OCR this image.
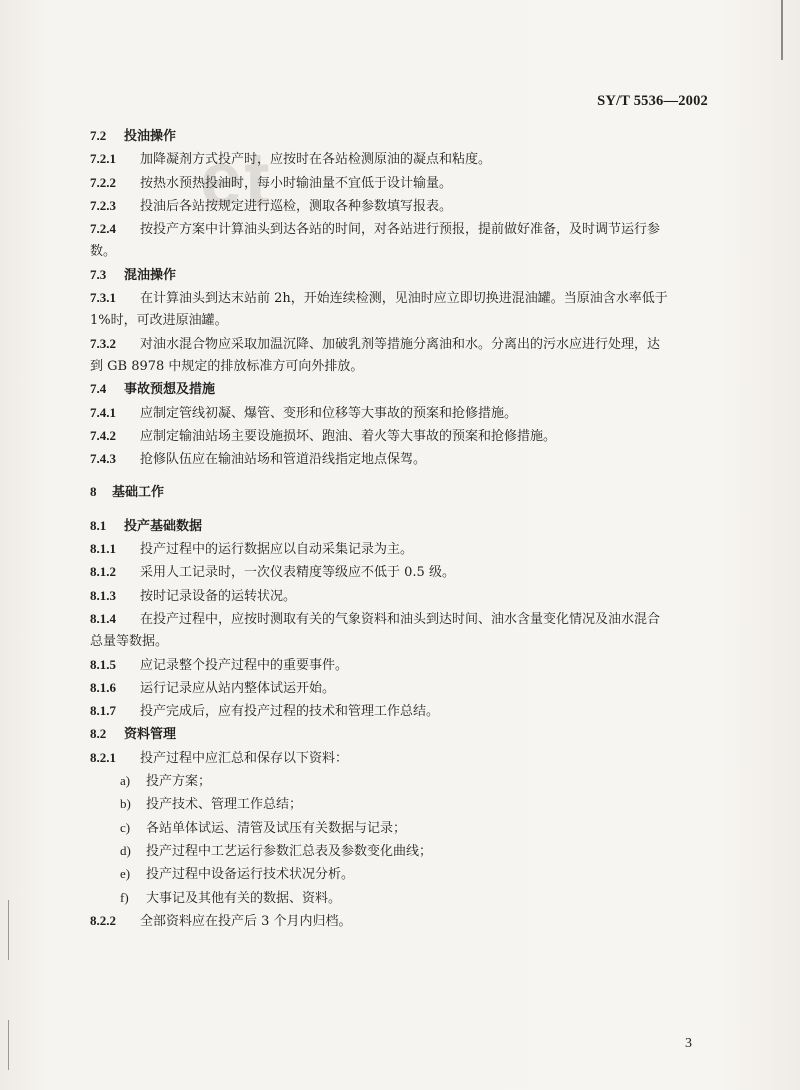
et
SY/T 5536—2002
7.2 投油操作
7.2.1 加降凝剂方式投产时，应按时在各站检测原油的凝点和粘度。
7.2.2 按热水预热投油时，每小时输油量不宜低于设计输量。
7.2.3 投油后各站按规定进行巡检，测取各种参数填写报表。
7.2.4 按投产方案中计算油头到达各站的时间，对各站进行预报，提前做好准备，及时调节运行参
数。
7.3 混油操作
7.3.1 在计算油头到达末站前 2h，开始连续检测，见油时应立即切换进混油罐。当原油含水率低于
1%时，可改进原油罐。
7.3.2 对油水混合物应采取加温沉降、加破乳剂等措施分离油和水。分离出的污水应进行处理，达
到 GB 8978 中规定的排放标准方可向外排放。
7.4 事故预想及措施
7.4.1 应制定管线初凝、爆管、变形和位移等大事故的预案和抢修措施。
7.4.2 应制定输油站场主要设施损坏、跑油、着火等大事故的预案和抢修措施。
7.4.3 抢修队伍应在输油站场和管道沿线指定地点保驾。
8 基础工作
8.1 投产基础数据
8.1.1 投产过程中的运行数据应以自动采集记录为主。
8.1.2 采用人工记录时，一次仪表精度等级应不低于 0.5 级。
8.1.3 按时记录设备的运转状况。
8.1.4 在投产过程中，应按时测取有关的气象资料和油头到达时间、油水含量变化情况及油水混合
总量等数据。
8.1.5 应记录整个投产过程中的重要事件。
8.1.6 运行记录应从站内整体试运开始。
8.1.7 投产完成后，应有投产过程的技术和管理工作总结。
8.2 资料管理
8.2.1 投产过程中应汇总和保存以下资料：
a) 投产方案；
b) 投产技术、管理工作总结；
c) 各站单体试运、清管及试压有关数据与记录；
d) 投产过程中工艺运行参数汇总表及参数变化曲线；
e) 投产过程中设备运行技术状况分析。
f) 大事记及其他有关的数据、资料。
8.2.2 全部资料应在投产后 3 个月内归档。
3
